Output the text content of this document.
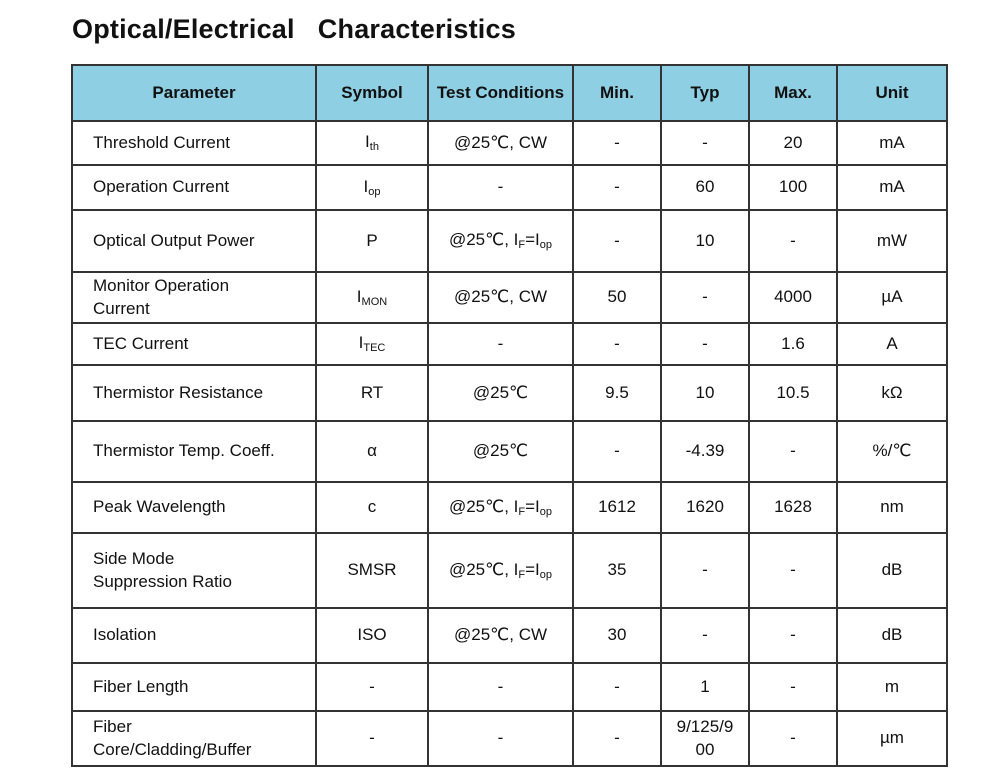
Optical/Electrical   Characteristics
Parameter	Symbol	Test Conditions	Min.	Typ	Max.	Unit
Threshold Current	$I_{th}$	@25℃, CW	-	-	20	mA
Operation Current	$I_{op}$	-	-	60	100	mA
Optical Output Power	P	@25℃, $I_F=I_{op}$	-	10	-	mW
Monitor Operation Current	$I_{MON}$	@25℃, CW	50	-	4000	µA
TEC Current	$I_{TEC}$	-	-	-	1.6	A
Thermistor Resistance	RT	@25℃	9.5	10	10.5	kΩ
Thermistor Temp. Coeff.	α	@25℃	-	-4.39	-	%/℃
Peak Wavelength	c	@25℃, $I_F=I_{op}$	1612	1620	1628	nm
Side Mode Suppression Ratio	SMSR	@25℃, $I_F=I_{op}$	35	-	-	dB
Isolation	ISO	@25℃, CW	30	-	-	dB
Fiber Length	-	-	-	1	-	m
Fiber Core/Cladding/Buffer	-	-	-	9/125/900	-	µm
